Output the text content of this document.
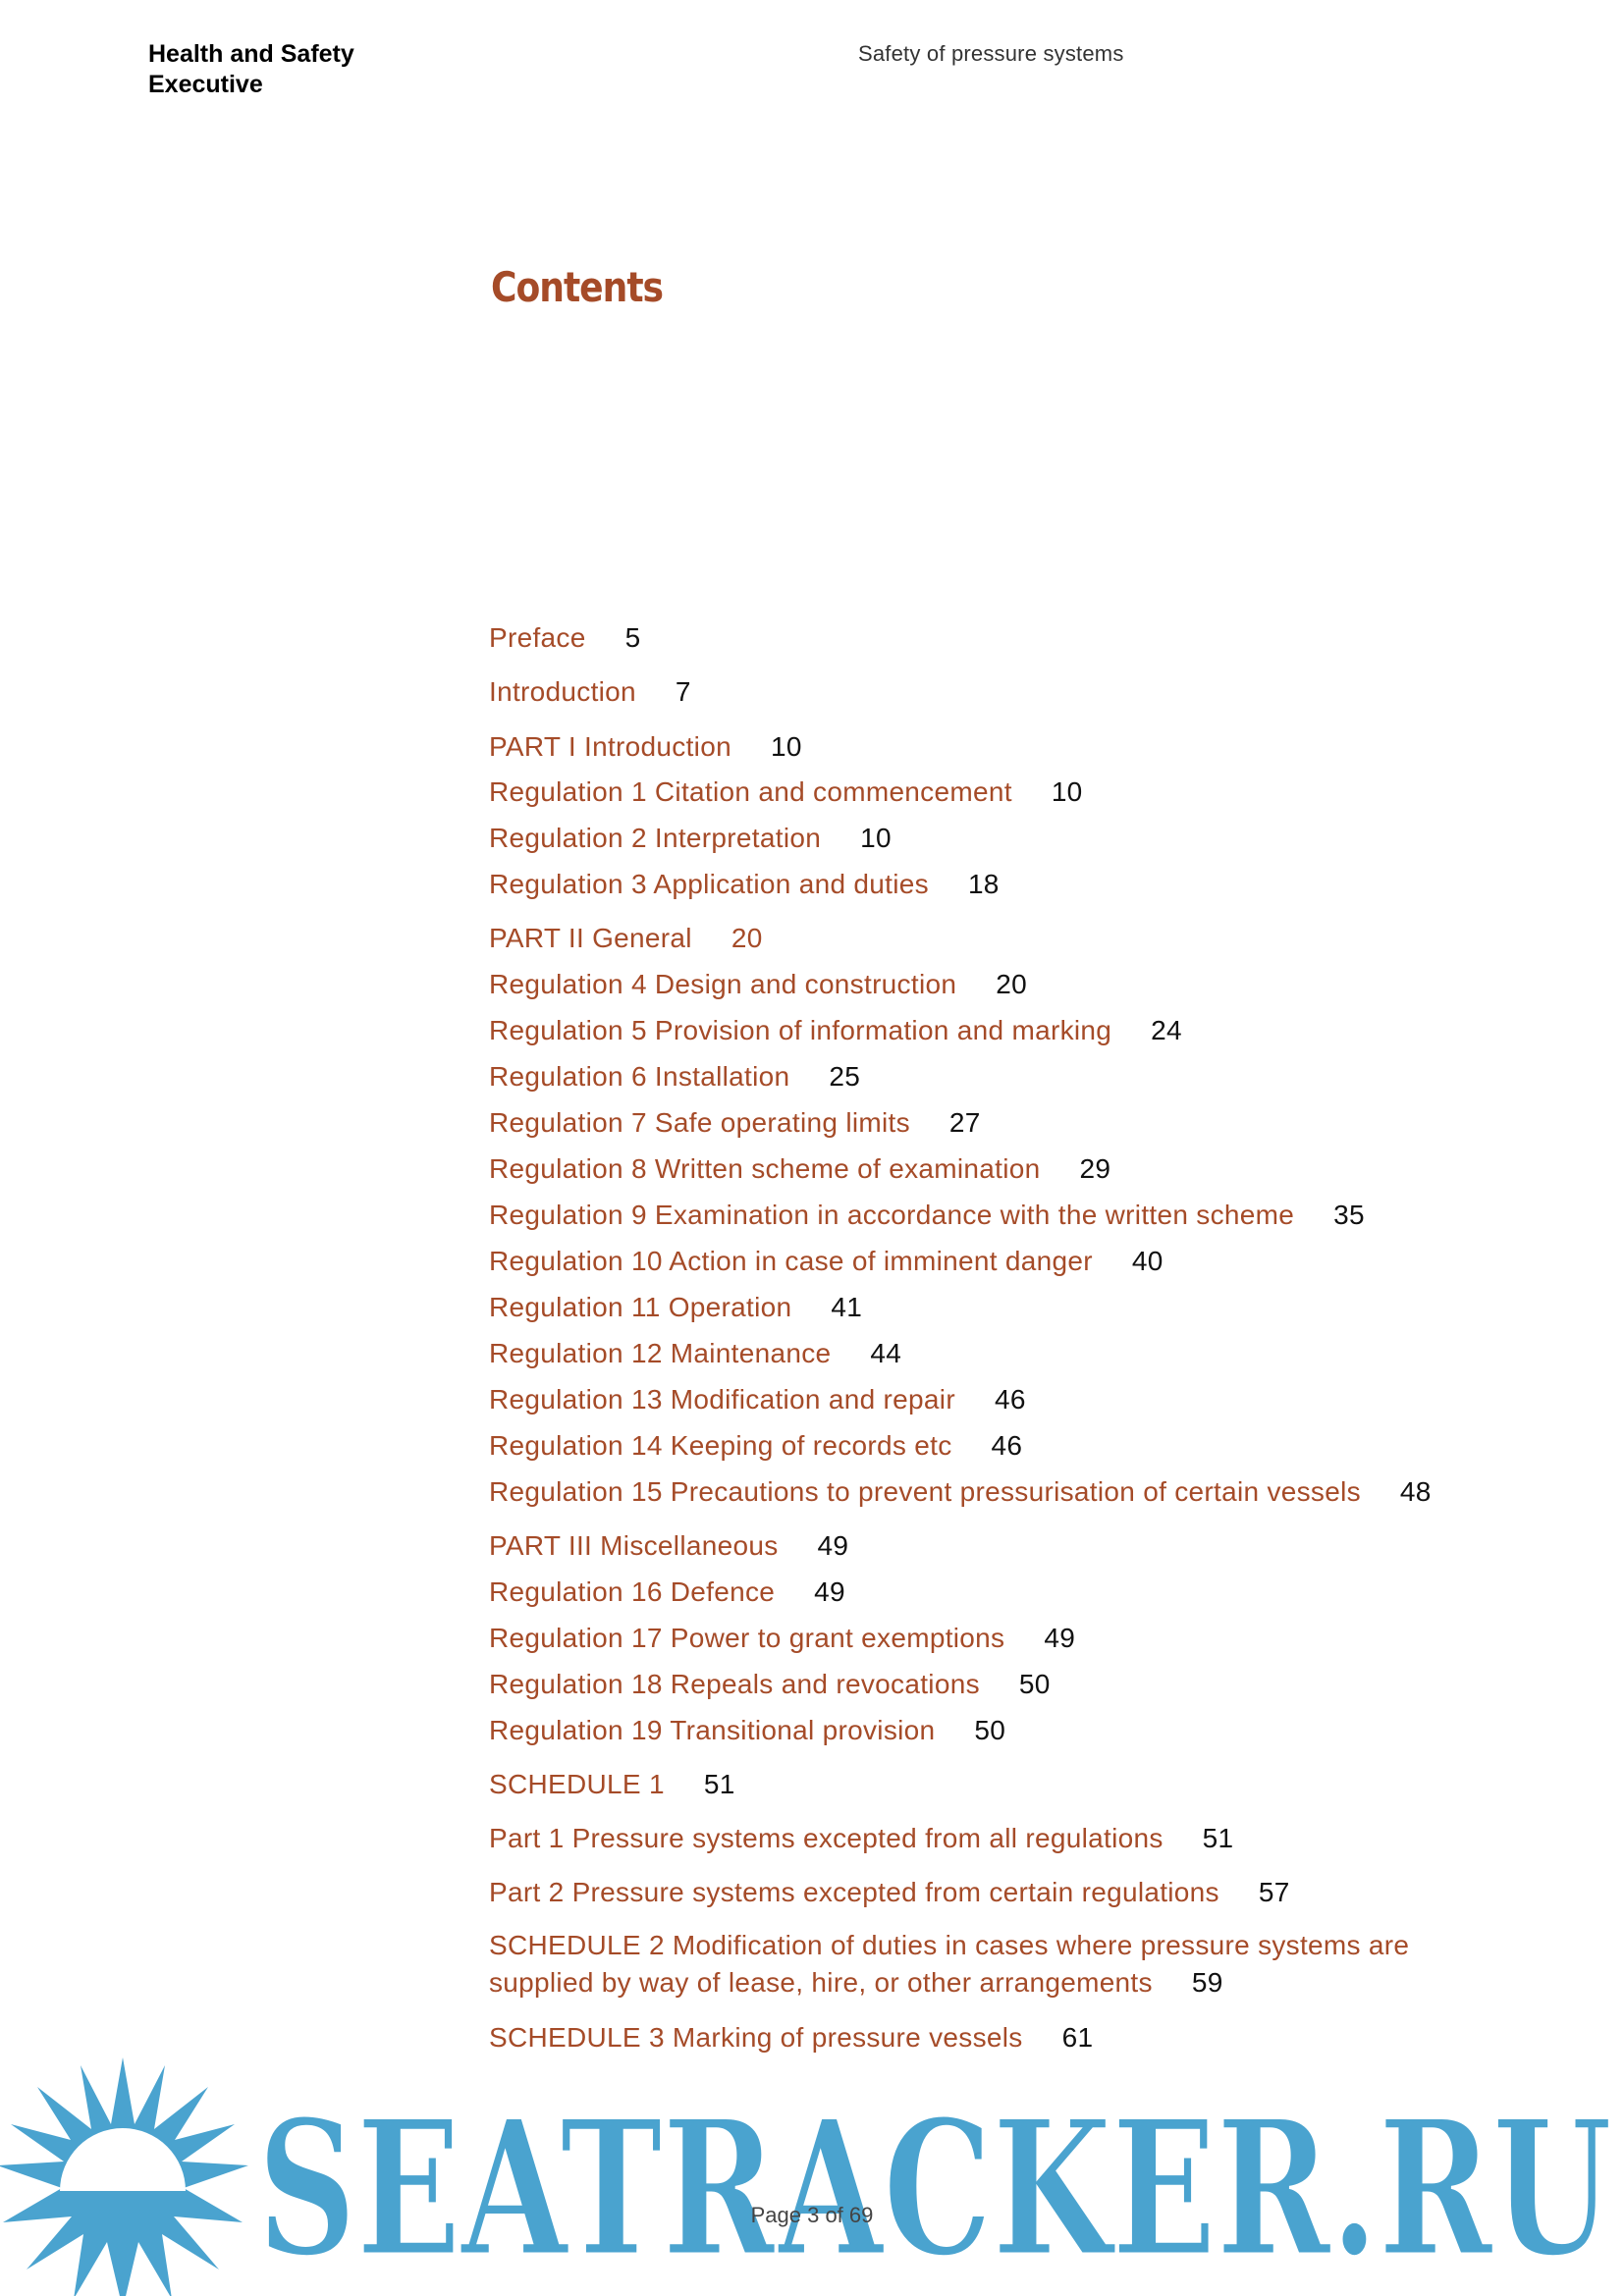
Health and Safety
Executive
Safety of pressure systems
Contents
Preface 5
Introduction 7
PART I Introduction 10
Regulation 1 Citation and commencement 10
Regulation 2 Interpretation 10
Regulation 3 Application and duties 18
PART II General 20
Regulation 4 Design and construction 20
Regulation 5 Provision of information and marking 24
Regulation 6 Installation 25
Regulation 7 Safe operating limits 27
Regulation 8 Written scheme of examination 29
Regulation 9 Examination in accordance with the written scheme 35
Regulation 10 Action in case of imminent danger 40
Regulation 11 Operation 41
Regulation 12 Maintenance 44
Regulation 13 Modification and repair 46
Regulation 14 Keeping of records etc 46
Regulation 15 Precautions to prevent pressurisation of certain vessels 48
PART III Miscellaneous 49
Regulation 16 Defence 49
Regulation 17 Power to grant exemptions 49
Regulation 18 Repeals and revocations 50
Regulation 19 Transitional provision 50
SCHEDULE 1 51
Part 1 Pressure systems excepted from all regulations 51
Part 2 Pressure systems excepted from certain regulations 57
SCHEDULE 2 Modification of duties in cases where pressure systems are supplied by way of lease, hire, or other arrangements 59
SCHEDULE 3 Marking of pressure vessels 61
SEATRACKER.RU
Page 3 of 69
